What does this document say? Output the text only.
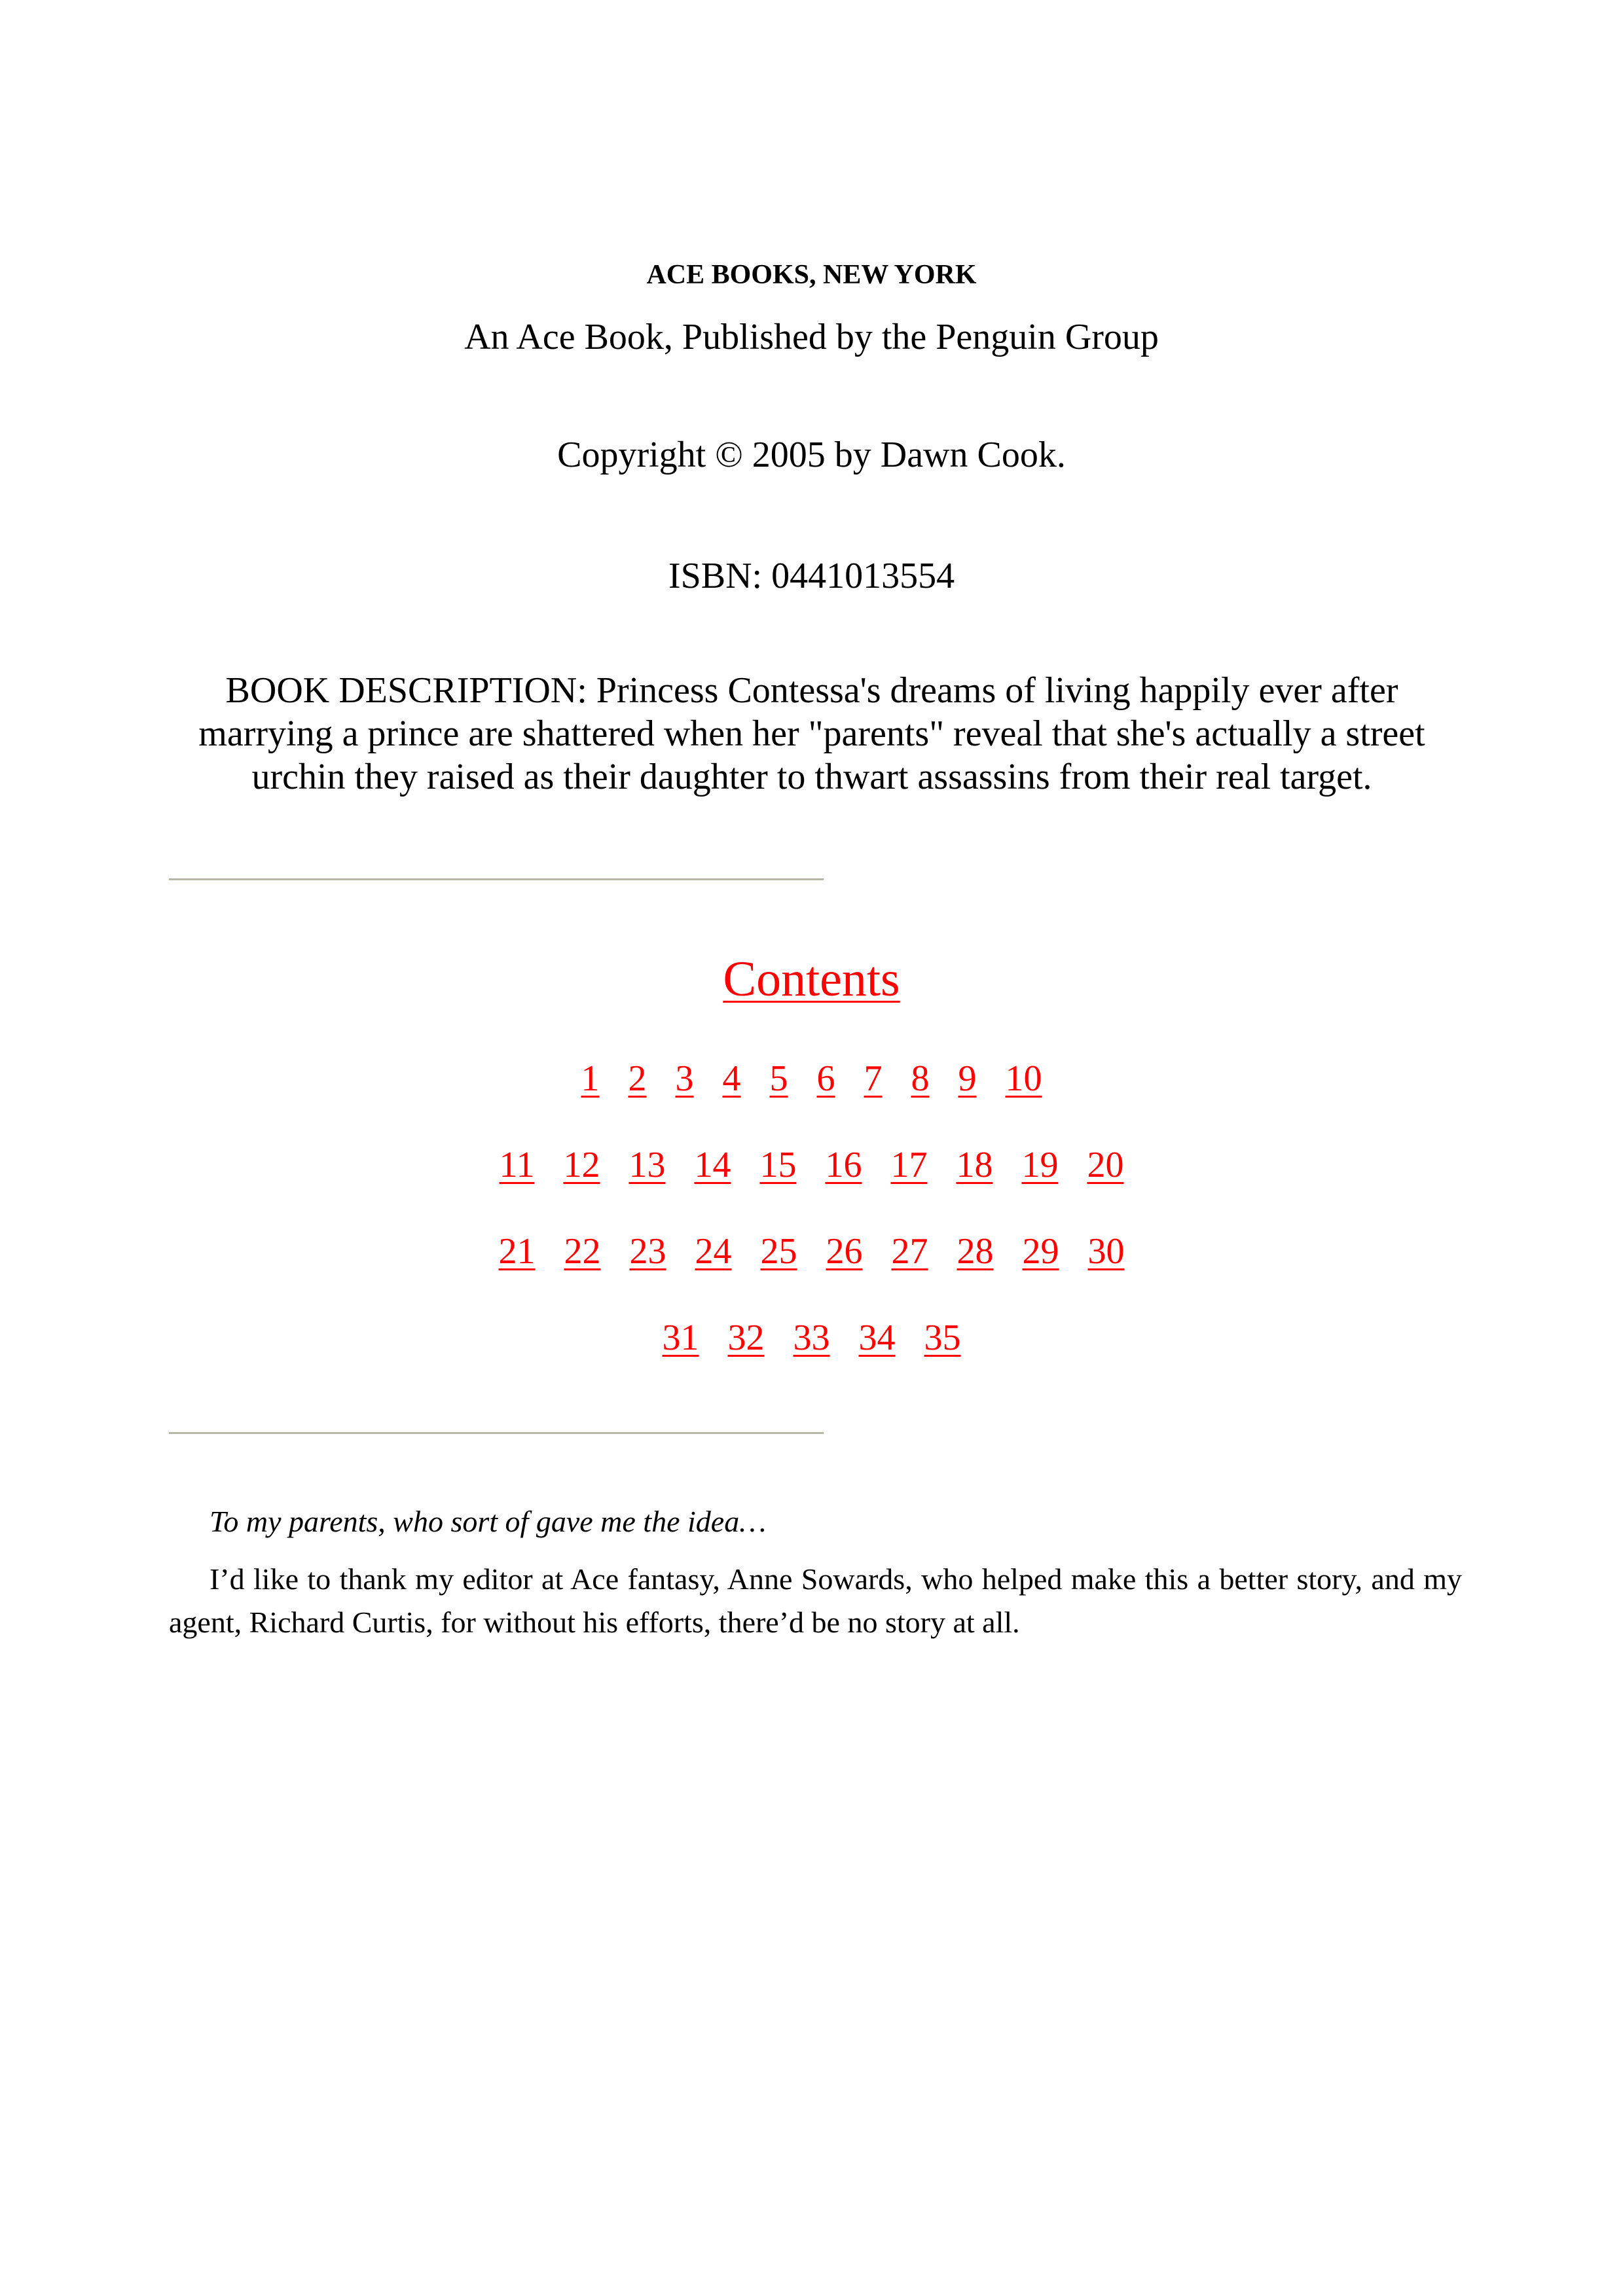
ACE BOOKS, NEW YORK
An Ace Book, Published by the Penguin Group
Copyright © 2005 by Dawn Cook.
ISBN: 0441013554
BOOK DESCRIPTION: Princess Contessa's dreams of living happily ever after marrying a prince are shattered when her "parents" reveal that she's actually a street urchin they raised as their daughter to thwart assassins from their real target.
Contents
1 2 3 4 5 6 7 8 9 10
11 12 13 14 15 16 17 18 19 20
21 22 23 24 25 26 27 28 29 30
31 32 33 34 35
To my parents, who sort of gave me the idea…
I’d like to thank my editor at Ace fantasy, Anne Sowards, who helped make this a better story, and my agent, Richard Curtis, for without his efforts, there’d be no story at all.
